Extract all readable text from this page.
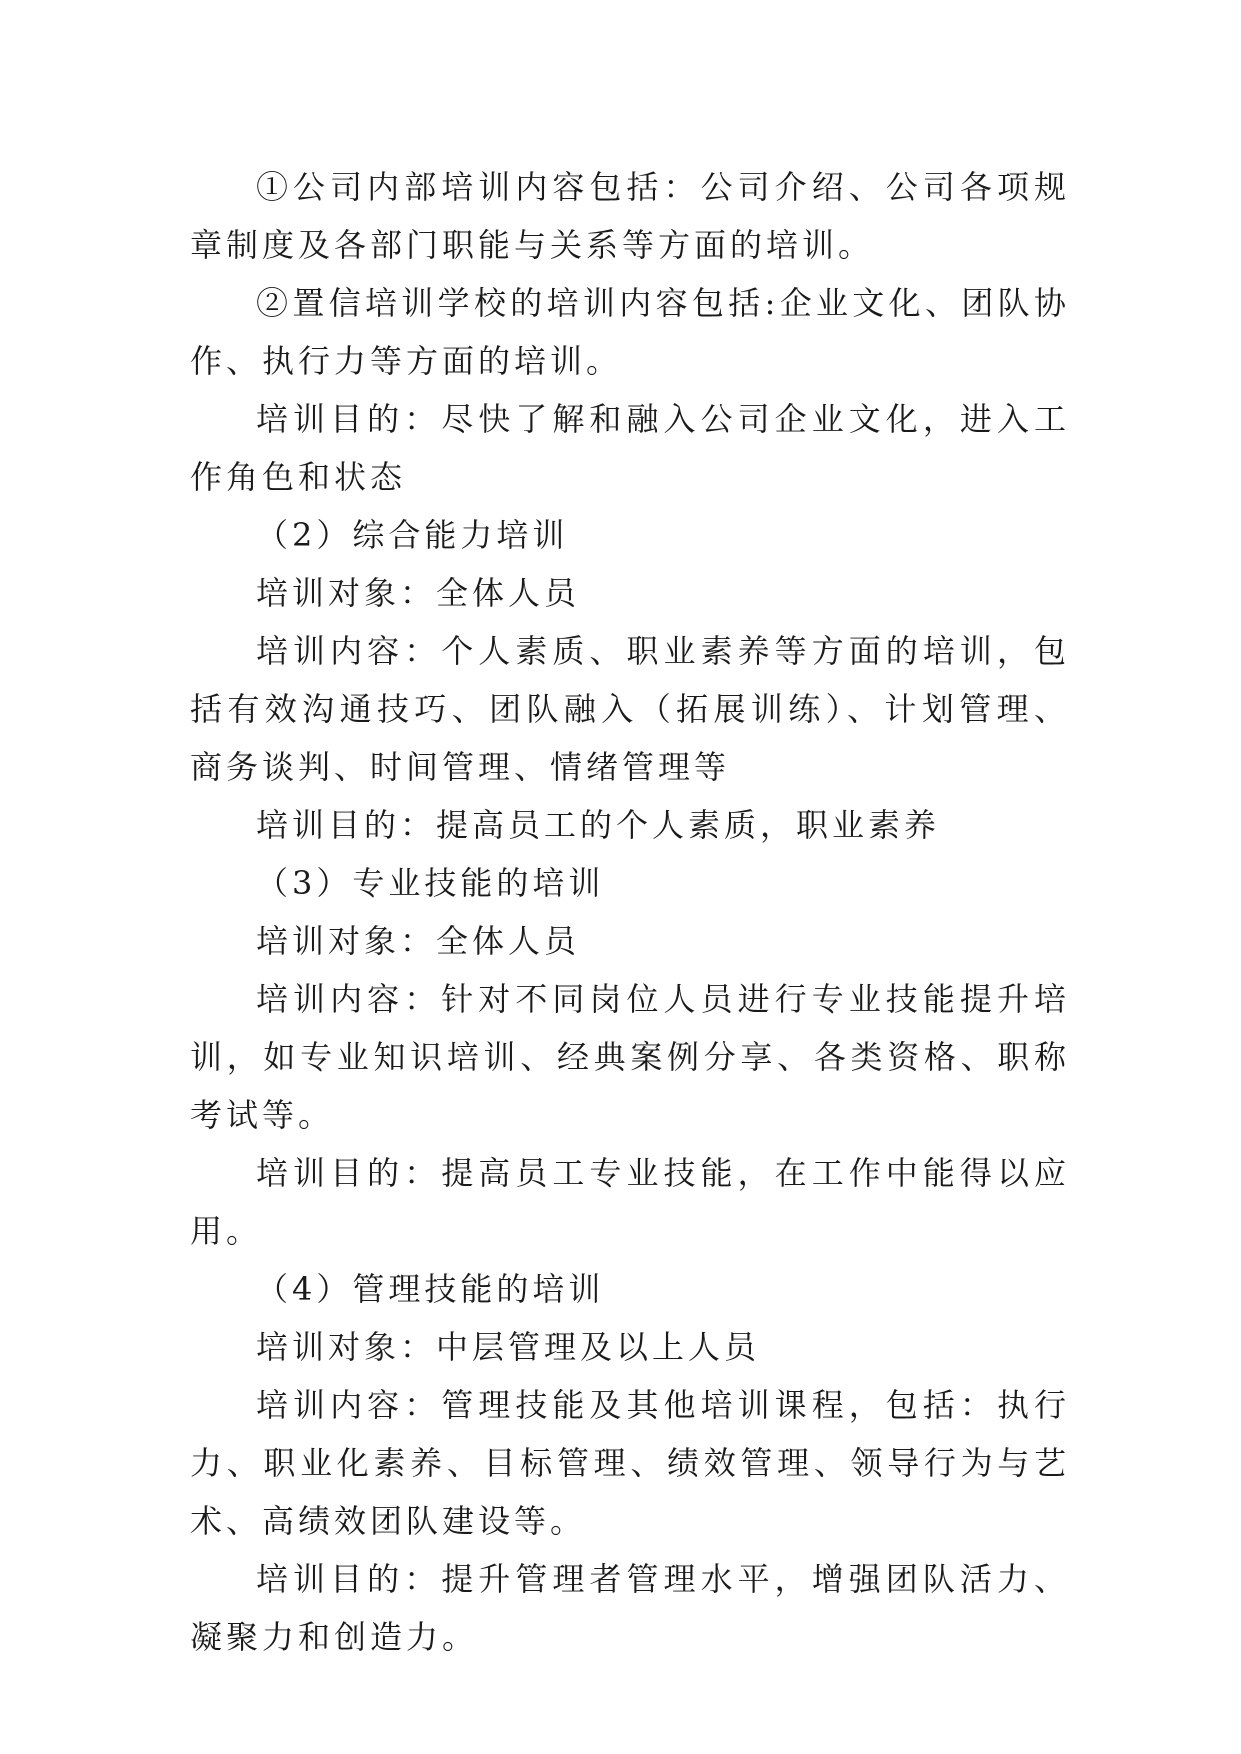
①公司内部培训内容包括：公司介绍、公司各项规章制度及各部门职能与关系等方面的培训。

②置信培训学校的培训内容包括:企业文化、团队协作、执行力等方面的培训。

培训目的：尽快了解和融入公司企业文化，进入工作角色和状态

（2）综合能力培训

培训对象：全体人员

培训内容：个人素质、职业素养等方面的培训，包括有效沟通技巧、团队融入（拓展训练）、计划管理、商务谈判、时间管理、情绪管理等

培训目的：提高员工的个人素质，职业素养

（3）专业技能的培训

培训对象：全体人员

培训内容：针对不同岗位人员进行专业技能提升培训，如专业知识培训、经典案例分享、各类资格、职称考试等。

培训目的：提高员工专业技能，在工作中能得以应用。

（4）管理技能的培训

培训对象：中层管理及以上人员

培训内容：管理技能及其他培训课程，包括：执行力、职业化素养、目标管理、绩效管理、领导行为与艺术、高绩效团队建设等。

培训目的：提升管理者管理水平，增强团队活力、凝聚力和创造力。
